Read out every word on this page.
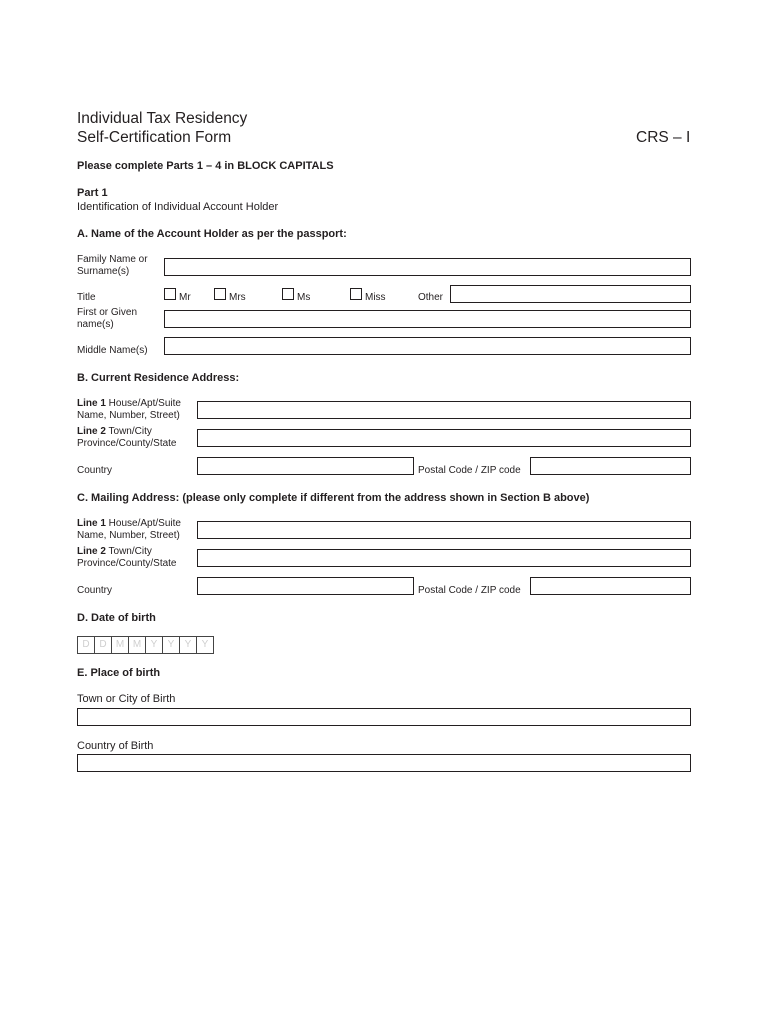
Individual Tax Residency
Self-Certification Form	CRS – I
Please complete Parts 1 – 4 in BLOCK CAPITALS
Part 1
Identification of Individual Account Holder
A. Name of the Account Holder as per the passport:
Family Name or
Surname(s)
Title	Mr	Mrs	Ms	Miss	Other
First or Given
name(s)
Middle Name(s)
B. Current Residence Address:
Line 1 House/Apt/Suite
Name, Number, Street)
Line 2 Town/City
Province/County/State
Country	Postal Code / ZIP code
C. Mailing Address: (please only complete if different from the address shown in Section B above)
Line 1 House/Apt/Suite
Name, Number, Street)
Line 2 Town/City
Province/County/State
Country	Postal Code / ZIP code
D. Date of birth
D D M M Y	Y	Y	Y
E. Place of birth
Town or City of Birth
Country of Birth
